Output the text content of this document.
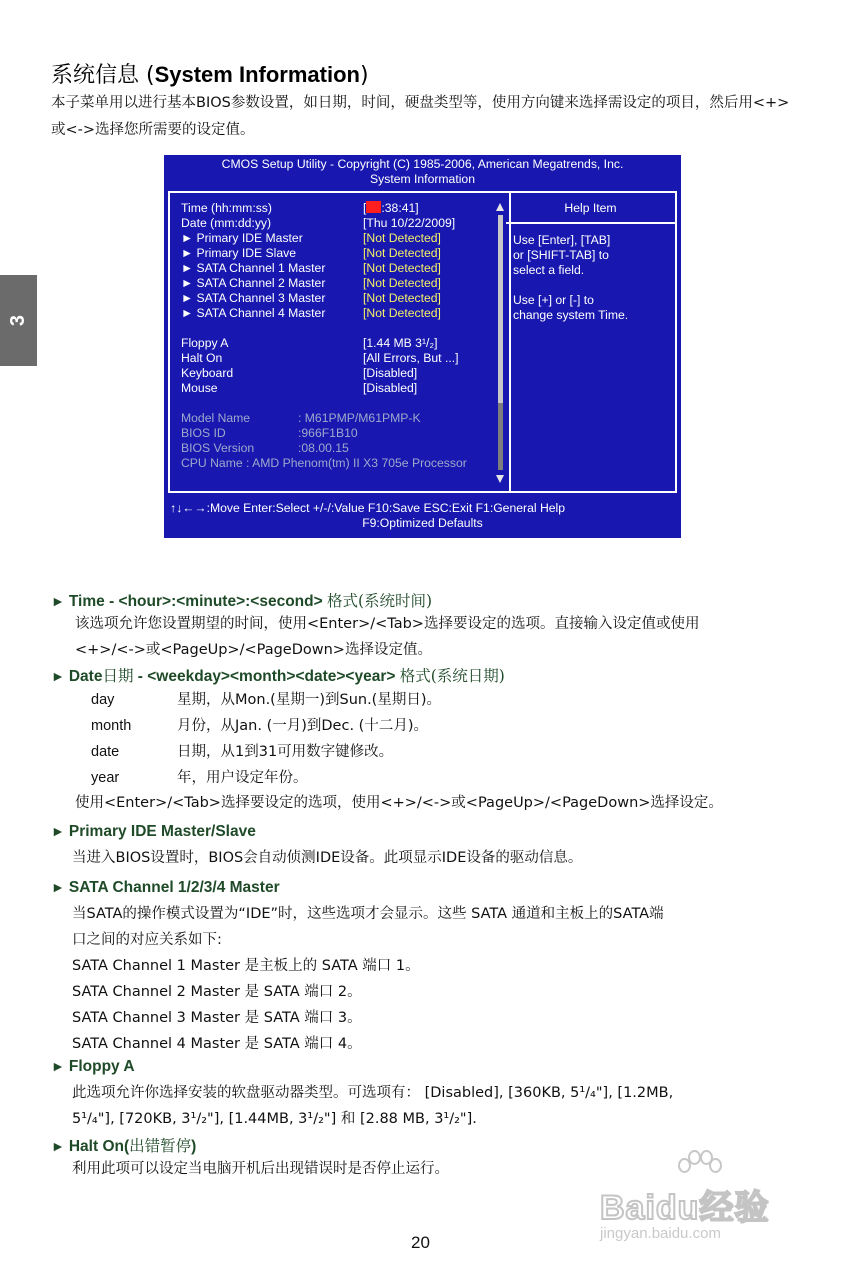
系统信息 (System Information)
本子菜单用以进行基本BIOS参数设置，如日期，时间，硬盘类型等，使用方向键来选择需设定的项目，然后用<+>或<->选择您所需要的设定值。
3
CMOS Setup Utility - Copyright (C) 1985-2006, American Megatrends, Inc.
System Information
Help Item
Use [Enter], [TAB]
or [SHIFT-TAB] to
select a field.
Use [+] or [-] to
change system Time.
Time (hh:mm:ss)	[ :38:41]
Date (mm:dd:yy)	[Thu 10/22/2009]
► Primary IDE Master	[Not Detected]
► Primary IDE Slave	[Not Detected]
► SATA Channel 1 Master	[Not Detected]
► SATA Channel 2 Master	[Not Detected]
► SATA Channel 3 Master	[Not Detected]
► SATA Channel 4 Master	[Not Detected]
Floppy A	[1.44 MB 3¹/₂]
Halt On	[All Errors, But ...]
Keyboard	[Disabled]
Mouse	[Disabled]
Model Name	: M61PMP/M61PMP-K
BIOS ID	:966F1B10
BIOS Version	:08.00.15
CPU Name : AMD Phenom(tm) II X3 705e Processor
↑↓←→:Move Enter:Select +/-/:Value F10:Save ESC:Exit F1:General Help
F9:Optimized Defaults
► Time - <hour>:<minute>:<second> 格式(系统时间)
该选项允许您设置期望的时间，使用<Enter>/<Tab>选择要设定的选项。直接输入设定值或使用
<+>/<->或<PageUp>/<PageDown>选择设定值。
► Date日期 - <weekday><month><date><year> 格式(系统日期)
day	星期，从Mon.(星期一)到Sun.(星期日)。
month	月份，从Jan. (一月)到Dec. (十二月)。
date	日期，从1到31可用数字键修改。
year	年，用户设定年份。
使用<Enter>/<Tab>选择要设定的选项，使用<+>/<->或<PageUp>/<PageDown>选择设定。
► Primary IDE Master/Slave
当进入BIOS设置时，BIOS会自动侦测IDE设备。此项显示IDE设备的驱动信息。
► SATA Channel 1/2/3/4 Master
当SATA的操作模式设置为“IDE”时，这些选项才会显示。这些 SATA 通道和主板上的SATA端
口之间的对应关系如下:
SATA Channel 1 Master 是主板上的 SATA 端口 1。
SATA Channel 2 Master 是 SATA 端口 2。
SATA Channel 3 Master 是 SATA 端口 3。
SATA Channel 4 Master 是 SATA 端口 4。
► Floppy A
此选项允许你选择安装的软盘驱动器类型。可选项有： [Disabled], [360KB, 5¹/₄"], [1.2MB,
5¹/₄"], [720KB, 3¹/₂"], [1.44MB, 3¹/₂"] 和 [2.88 MB, 3¹/₂"].
► Halt On(出错暂停)
利用此项可以设定当电脑开机后出现错误时是否停止运行。
Baidu经验
jingyan.baidu.com
20
